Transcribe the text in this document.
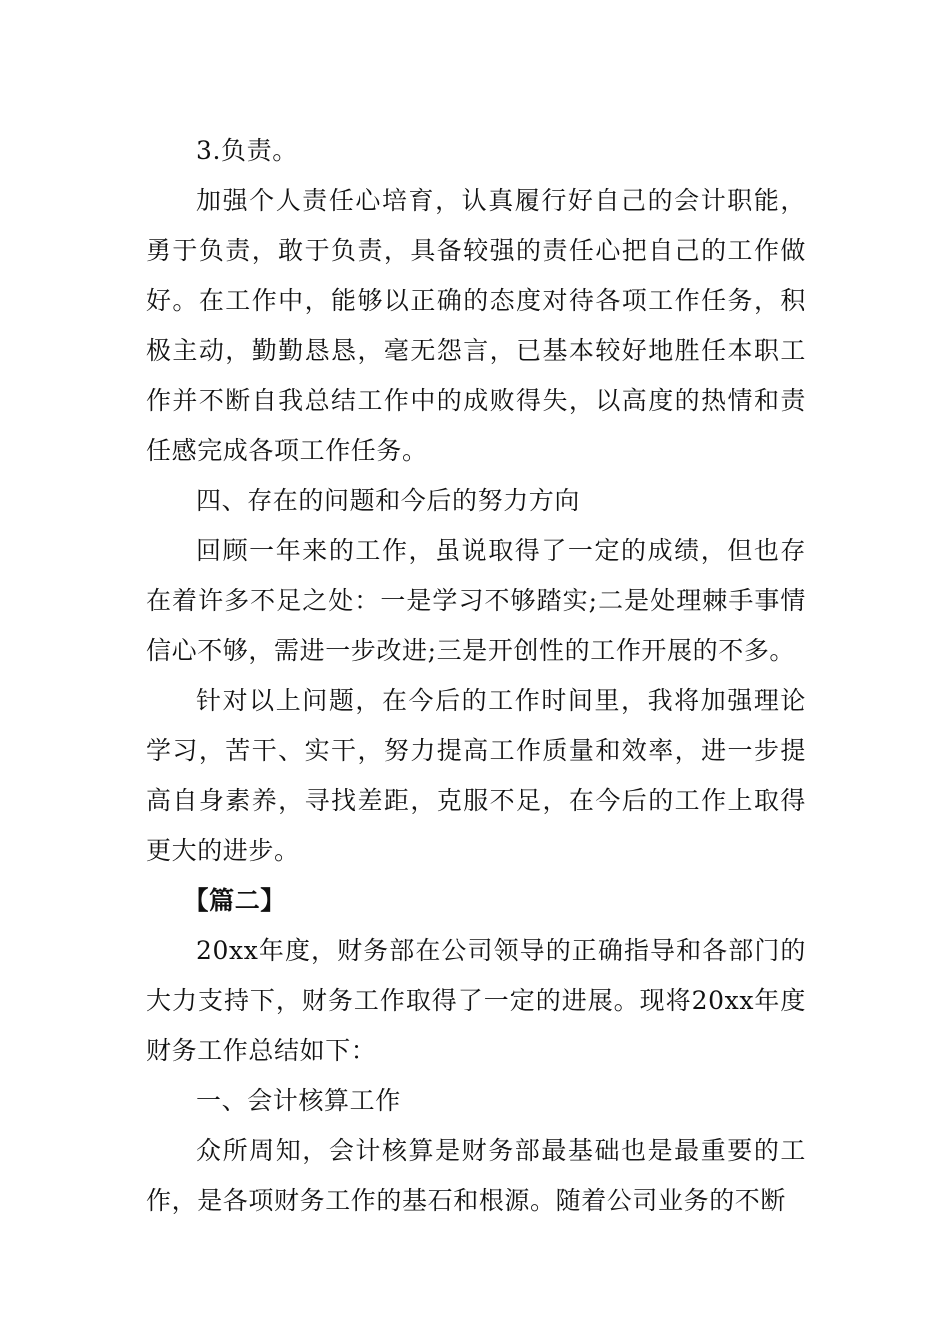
3.负责。

加强个人责任心培育，认真履行好自己的会计职能，勇于负责，敢于负责，具备较强的责任心把自己的工作做好。在工作中，能够以正确的态度对待各项工作任务，积极主动，勤勤恳恳，毫无怨言，已基本较好地胜任本职工作并不断自我总结工作中的成败得失，以高度的热情和责任感完成各项工作任务。

四、存在的问题和今后的努力方向

回顾一年来的工作，虽说取得了一定的成绩，但也存在着许多不足之处：一是学习不够踏实;二是处理棘手事情信心不够，需进一步改进;三是开创性的工作开展的不多。

针对以上问题，在今后的工作时间里，我将加强理论学习，苦干、实干，努力提高工作质量和效率，进一步提高自身素养，寻找差距，克服不足，在今后的工作上取得更大的进步。

【篇二】

20xx年度，财务部在公司领导的正确指导和各部门的大力支持下，财务工作取得了一定的进展。现将20xx年度财务工作总结如下：

一、会计核算工作

众所周知，会计核算是财务部最基础也是最重要的工作，是各项财务工作的基石和根源。随着公司业务的不断
